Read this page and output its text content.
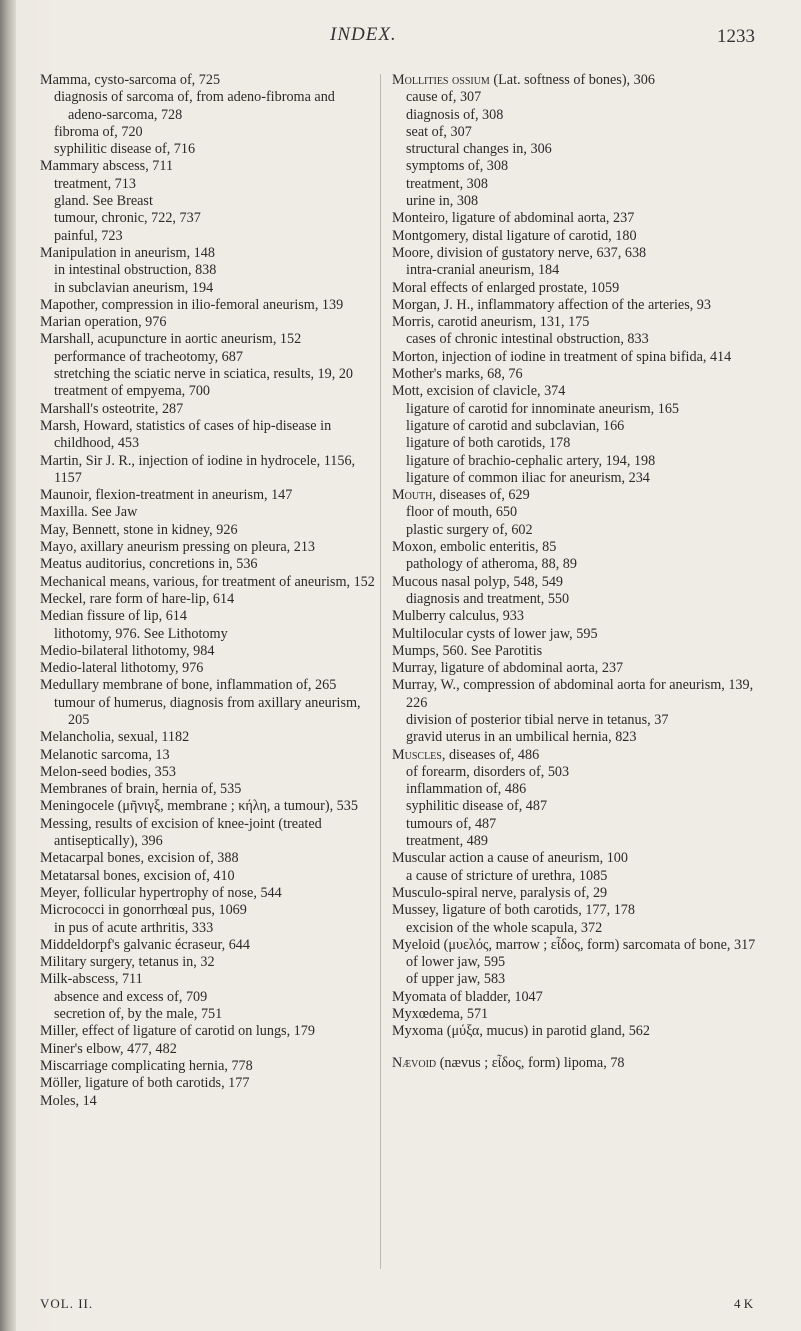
INDEX.	1233
Mamma, cysto-sarcoma of, 725
diagnosis of sarcoma of, from adeno-fibroma and adeno-sarcoma, 728
fibroma of, 720
syphilitic disease of, 716
Mammary abscess, 711
treatment, 713
gland. See Breast
tumour, chronic, 722, 737
painful, 723
Manipulation in aneurism, 148
in intestinal obstruction, 838
in subclavian aneurism, 194
Mapother, compression in ilio-femoral aneurism, 139
Marian operation, 976
Marshall, acupuncture in aortic aneurism, 152
performance of tracheotomy, 687
stretching the sciatic nerve in sciatica, results, 19, 20
treatment of empyema, 700
Marshall's osteotrite, 287
Marsh, Howard, statistics of cases of hip-disease in childhood, 453
Martin, Sir J. R., injection of iodine in hydrocele, 1156, 1157
Maunoir, flexion-treatment in aneurism, 147
Maxilla. See Jaw
May, Bennett, stone in kidney, 926
Mayo, axillary aneurism pressing on pleura, 213
Meatus auditorius, concretions in, 536
Mechanical means, various, for treatment of aneurism, 152
Meckel, rare form of hare-lip, 614
Median fissure of lip, 614
lithotomy, 976. See Lithotomy
Medio-bilateral lithotomy, 984
Medio-lateral lithotomy, 976
Medullary membrane of bone, inflammation of, 265
tumour of humerus, diagnosis from axillary aneurism, 205
Melancholia, sexual, 1182
Melanotic sarcoma, 13
Melon-seed bodies, 353
Membranes of brain, hernia of, 535
Meningocele (μῆνιγξ, membrane ; κήλη, a tumour), 535
Messing, results of excision of knee-joint (treated antiseptically), 396
Metacarpal bones, excision of, 388
Metatarsal bones, excision of, 410
Meyer, follicular hypertrophy of nose, 544
Micrococci in gonorrhœal pus, 1069
in pus of acute arthritis, 333
Middeldorpf's galvanic écraseur, 644
Military surgery, tetanus in, 32
Milk-abscess, 711
absence and excess of, 709
secretion of, by the male, 751
Miller, effect of ligature of carotid on lungs, 179
Miner's elbow, 477, 482
Miscarriage complicating hernia, 778
Möller, ligature of both carotids, 177
Moles, 14
Mollities ossium (Lat. softness of bones), 306
cause of, 307
diagnosis of, 308
seat of, 307
structural changes in, 306
symptoms of, 308
treatment, 308
urine in, 308
Monteiro, ligature of abdominal aorta, 237
Montgomery, distal ligature of carotid, 180
Moore, division of gustatory nerve, 637, 638
intra-cranial aneurism, 184
Moral effects of enlarged prostate, 1059
Morgan, J. H., inflammatory affection of the arteries, 93
Morris, carotid aneurism, 131, 175
cases of chronic intestinal obstruction, 833
Morton, injection of iodine in treatment of spina bifida, 414
Mother's marks, 68, 76
Mott, excision of clavicle, 374
ligature of carotid for innominate aneurism, 165
ligature of carotid and subclavian, 166
ligature of both carotids, 178
ligature of brachio-cephalic artery, 194, 198
ligature of common iliac for aneurism, 234
Mouth, diseases of, 629
floor of mouth, 650
plastic surgery of, 602
Moxon, embolic enteritis, 85
pathology of atheroma, 88, 89
Mucous nasal polyp, 548, 549
diagnosis and treatment, 550
Mulberry calculus, 933
Multilocular cysts of lower jaw, 595
Mumps, 560. See Parotitis
Murray, ligature of abdominal aorta, 237
Murray, W., compression of abdominal aorta for aneurism, 139, 226
division of posterior tibial nerve in tetanus, 37
gravid uterus in an umbilical hernia, 823
Muscles, diseases of, 486
of forearm, disorders of, 503
inflammation of, 486
syphilitic disease of, 487
tumours of, 487
treatment, 489
Muscular action a cause of aneurism, 100
a cause of stricture of urethra, 1085
Musculo-spiral nerve, paralysis of, 29
Mussey, ligature of both carotids, 177, 178
excision of the whole scapula, 372
Myeloid (μυελός, marrow ; εἶδος, form) sarcomata of bone, 317
of lower jaw, 595
of upper jaw, 583
Myomata of bladder, 1047
Myxœdema, 571
Myxoma (μύξα, mucus) in parotid gland, 562
Nævoid (nævus ; εἶδος, form) lipoma, 78
VOL. II.	4 K
